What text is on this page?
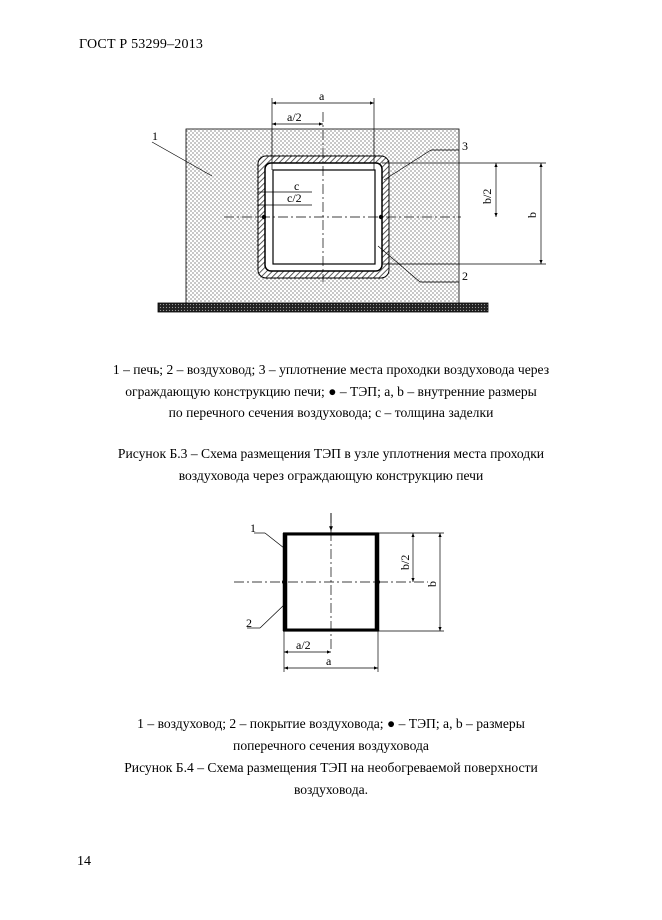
ГОСТ Р 53299–2013
a
a/2
c
c/2	b/2
b
1
3
2

1 – печь; 2 – воздуховод; 3 – уплотнение места проходки воздуховода через

ограждающую конструкцию печи; ● – ТЭП; a, b – внутренние размеры

по перечного сечения воздуховода; с – толщина заделки

Рисунок Б.3 – Схема размещения ТЭП в узле уплотнения места проходки

воздуховода через ограждающую конструкцию печи

b/2
b
a/2
a
1
2

1 – воздуховод; 2 – покрытие воздуховода; ● – ТЭП; a, b – размеры

поперечного сечения воздуховода

Рисунок Б.4 – Схема размещения ТЭП на необогреваемой поверхности

воздуховода.

14
